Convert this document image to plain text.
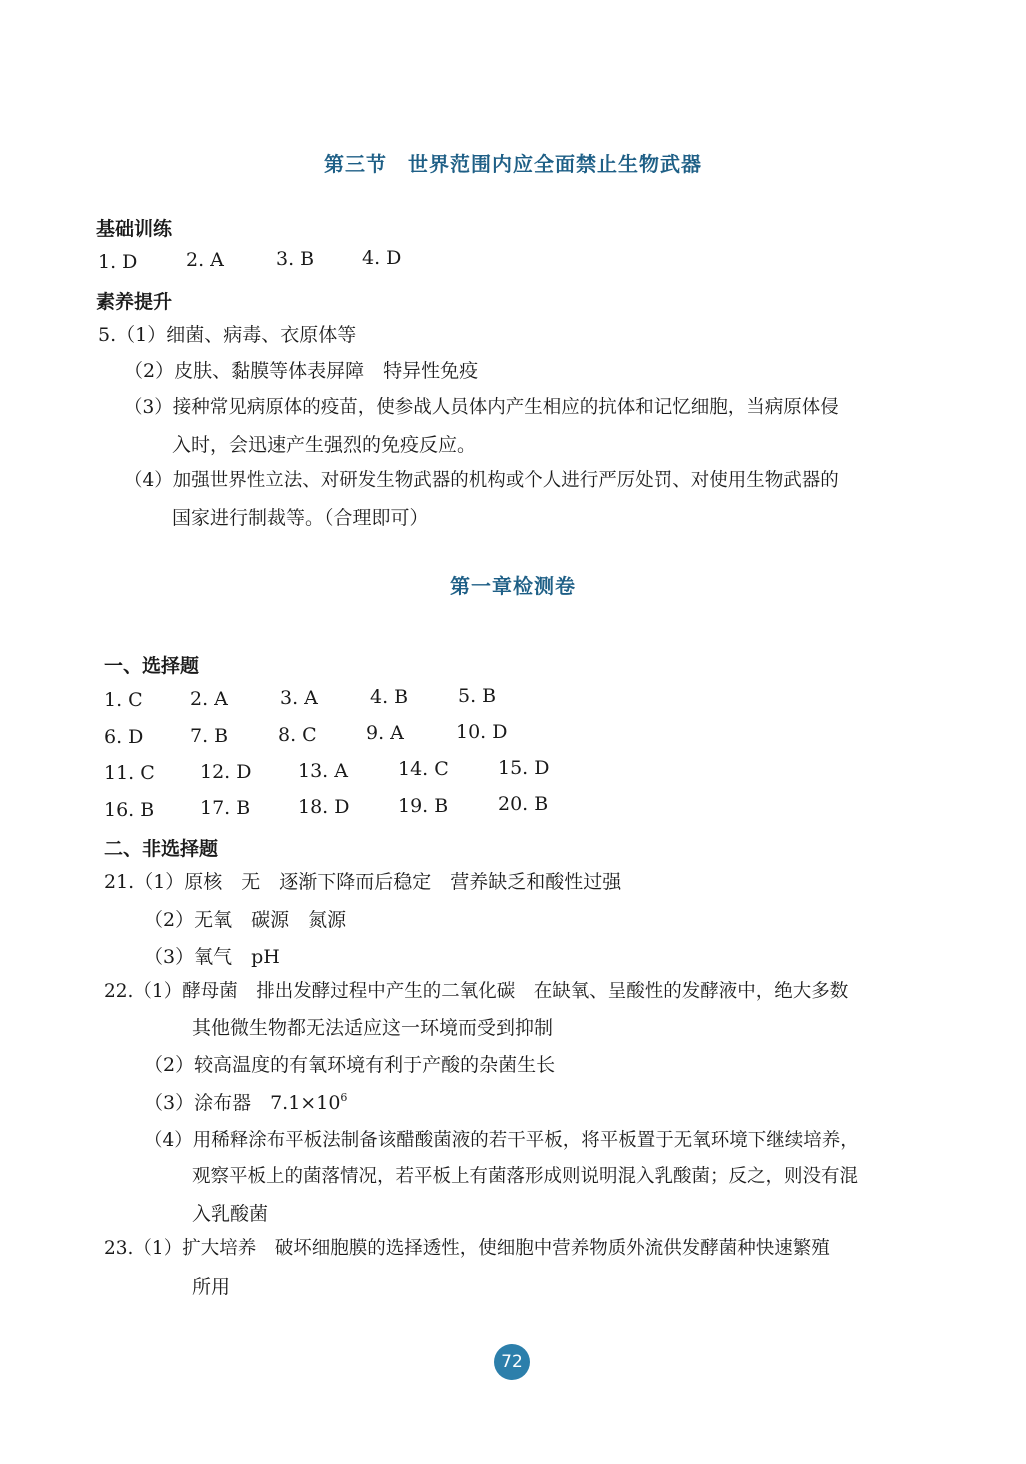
第三节　世界范围内应全面禁止生物武器
基础训练
1. D	2. A	3. B	4. D
素养提升
5.（1）细菌、病毒、衣原体等
（2）皮肤、黏膜等体表屏障　特异性免疫
（3）接种常见病原体的疫苗，使参战人员体内产生相应的抗体和记忆细胞，当病原体侵
入时，会迅速产生强烈的免疫反应。
（4）加强世界性立法、对研发生物武器的机构或个人进行严厉处罚、对使用生物武器的
国家进行制裁等。（合理即可）
第一章检测卷
一、选择题
1. C 2. A	3. A	4. B	5. B
6. D 7. B	8. C	9. A	10. D
11. C 12. D 13. A	14. C	15. D
16. B 17. B	18. D	19. B	20. B
二、非选择题
21.（1）原核　无　逐渐下降而后稳定　营养缺乏和酸性过强
（2）无氧　碳源　氮源
（3）氧气　pH
22.（1）酵母菌　排出发酵过程中产生的二氧化碳　在缺氧、呈酸性的发酵液中，绝大多数
其他微生物都无法适应这一环境而受到抑制
（2）较高温度的有氧环境有利于产酸的杂菌生长
（3）涂布器　$7.1\times 10^6$
（4）用稀释涂布平板法制备该醋酸菌液的若干平板，将平板置于无氧环境下继续培养，
观察平板上的菌落情况，若平板上有菌落形成则说明混入乳酸菌；反之，则没有混
入乳酸菌
23.（1）扩大培养　破坏细胞膜的选择透性，使细胞中营养物质外流供发酵菌种快速繁殖
所用
72
